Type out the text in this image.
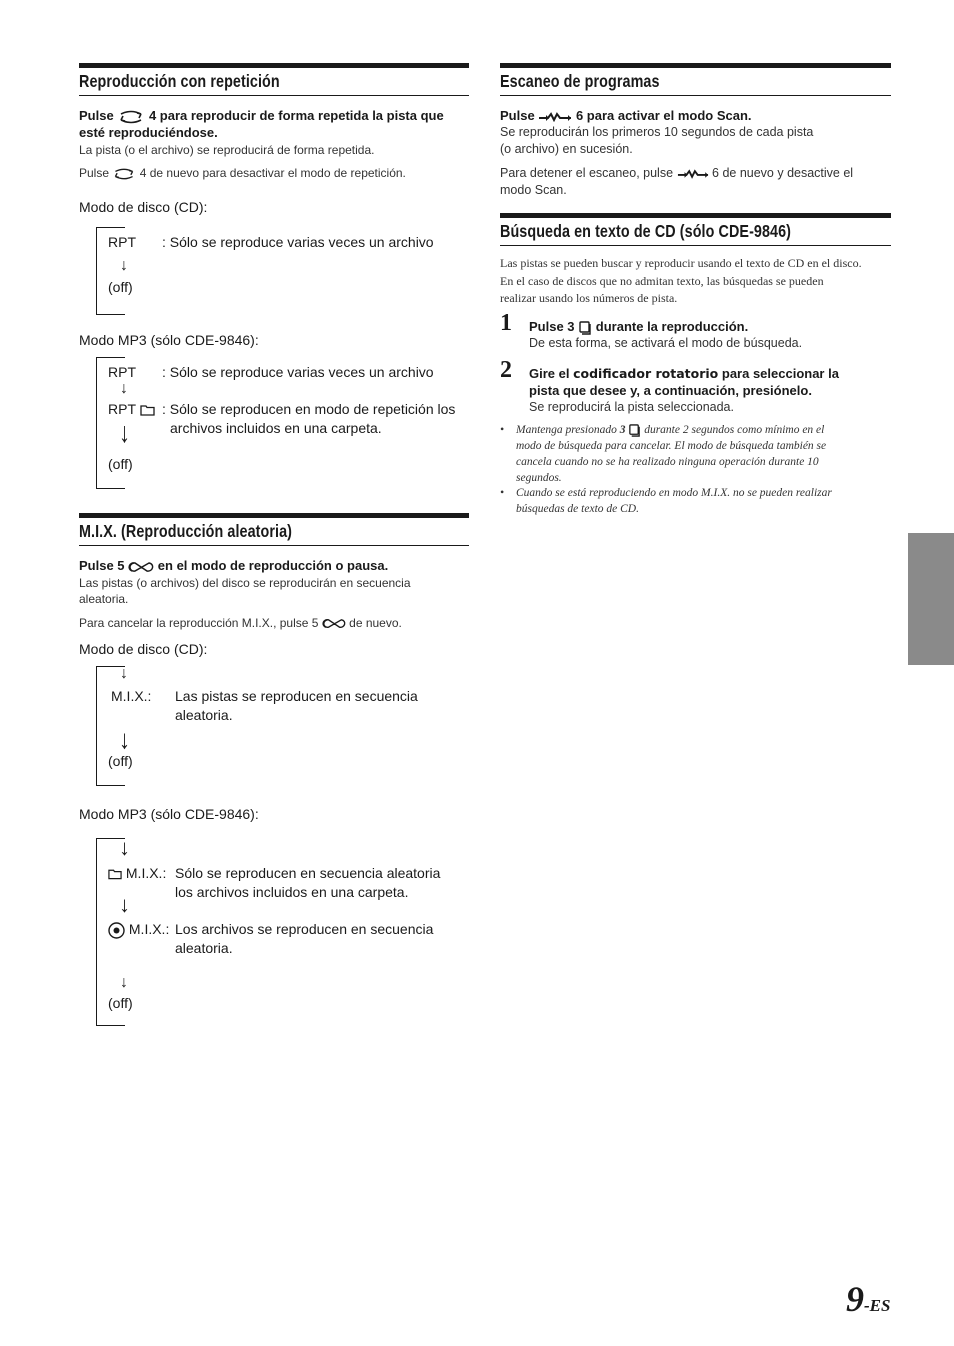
Reproducción con repetición
Pulse	4 para reproducir de forma repetida la pista que
esté reproduciéndose.
La pista (o el archivo) se reproducirá de forma repetida.
Pulse	4 de nuevo para desactivar el modo de repetición.
Modo de disco (CD):
RPT : Sólo se reproduce varias veces un archivo
↓
(off)
Modo MP3 (sólo CDE-9846):
RPT : Sólo se reproduce varias veces un archivo
↓
RPT	: Sólo se reproducen en modo de repetición los
archivos incluidos en una carpeta.
↓
(off)
M.I.X. (Reproducción aleatoria)
Pulse 5	en el modo de reproducción o pausa.
Las pistas (o archivos) del disco se reproducirán en secuencia
aleatoria.
Para cancelar la reproducción M.I.X., pulse 5	de nuevo.
Modo de disco (CD):
↓
M.I.X.: Las pistas se reproducen en secuencia
aleatoria.
↓
(off)
Modo MP3 (sólo CDE-9846):
↓
M.I.X.: Sólo se reproducen en secuencia aleatoria
los archivos incluidos en una carpeta.
↓
M.I.X.: Los archivos se reproducen en secuencia
aleatoria.
↓
(off)
Escaneo de programas
Pulse	6 para activar el modo Scan.
Se reproducirán los primeros 10 segundos de cada pista
(o archivo) en sucesión.
Para detener el escaneo, pulse	6 de nuevo y desactive el
modo Scan.
Búsqueda en texto de CD (sólo CDE-9846)
Las pistas se pueden buscar y reproducir usando el texto de CD en el disco.
En el caso de discos que no admitan texto, las búsquedas se pueden
realizar usando los números de pista.
1 Pulse 3 durante la reproducción.
De esta forma, se activará el modo de búsqueda.
2 Gire el codificador rotatorio para seleccionar la
pista que desee y, a continuación, presiónelo.
Se reproducirá la pista seleccionada.
• Mantenga presionado 3 durante 2 segundos como mínimo en el
modo de búsqueda para cancelar. El modo de búsqueda también se
cancela cuando no se ha realizado ninguna operación durante 10
segundos.
• Cuando se está reproduciendo en modo M.I.X. no se pueden realizar
búsquedas de texto de CD.
9-ES
